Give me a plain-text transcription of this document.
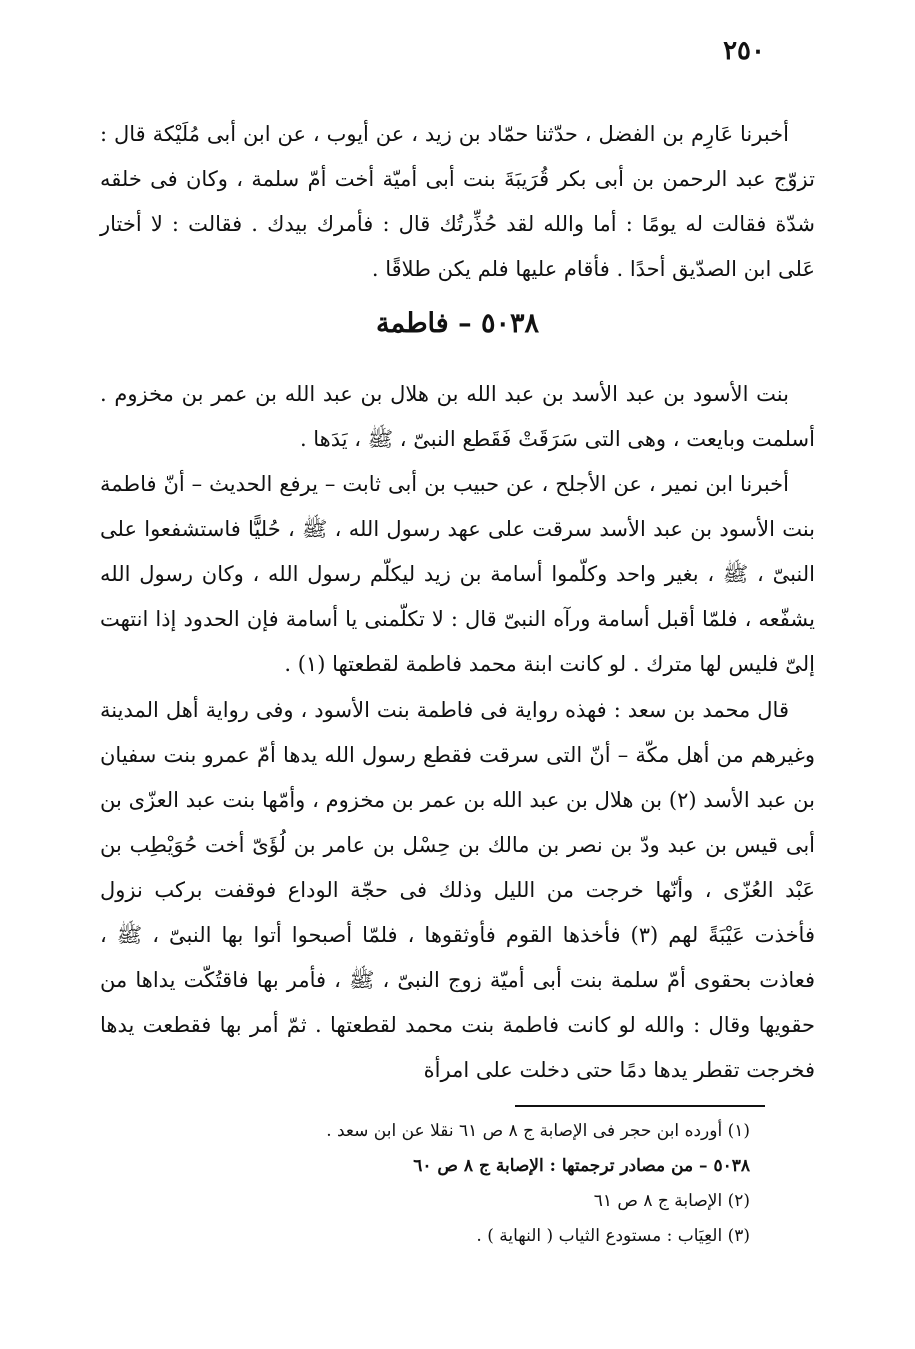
٢٥٠
أخبرنا عَارِم بن الفضل ، حدّثنا حمّاد بن زيد ، عن أيوب ، عن ابن أبى مُلَيْكة قال : تزوّج عبد الرحمن بن أبى بكر قُرَيبَةَ بنت أبى أميّة أخت أمّ سلمة ، وكان فى خلقه شدّة فقالت له يومًا : أما والله لقد حُذِّرتُك قال : فأمرك بيدك . فقالت : لا أختار عَلى ابن الصدّيق أحدًا . فأقام عليها فلم يكن طلاقًا .
٥٠٣٨ – فاطمة
بنت الأسود بن عبد الأسد بن عبد الله بن هلال بن عبد الله بن عمر بن مخزوم . أسلمت وبايعت ، وهى التى سَرَقَتْ فَقَطع النبىّ ، ﷺ ، يَدَها .
أخبرنا ابن نمير ، عن الأجلح ، عن حبيب بن أبى ثابت – يرفع الحديث – أنّ فاطمة بنت الأسود بن عبد الأسد سرقت على عهد رسول الله ، ﷺ ، حُليًّا فاستشفعوا على النبىّ ، ﷺ ، بغير واحد وكلّموا أسامة بن زيد ليكلّم رسول الله ، وكان رسول الله يشفّعه ، فلمّا أقبل أسامة ورآه النبىّ قال : لا تكلّمنى يا أسامة فإن الحدود إذا انتهت إلىّ فليس لها مترك . لو كانت ابنة محمد فاطمة لقطعتها (١) .
قال محمد بن سعد : فهذه رواية فى فاطمة بنت الأسود ، وفى رواية أهل المدينة وغيرهم من أهل مكّة – أنّ التى سرقت فقطع رسول الله يدها أمّ عمرو بنت سفيان بن عبد الأسد (٢) بن هلال بن عبد الله بن عمر بن مخزوم ، وأمّها بنت عبد العزّى بن أبى قيس بن عبد ودّ بن نصر بن مالك بن حِسْل بن عامر بن لُؤَىّ أخت حُوَيْطِب بن عَبْد العُزّى ، وأنّها خرجت من الليل وذلك فى حجّة الوداع فوقفت بركب نزول فأخذت عَيْبَةً لهم (٣) فأخذها القوم فأوثقوها ، فلمّا أصبحوا أتوا بها النبىّ ، ﷺ ، فعاذت بحقوى أمّ سلمة بنت أبى أميّة زوج النبىّ ، ﷺ ، فأمر بها فاقتُكّت يداها من حقويها وقال : والله لو كانت فاطمة بنت محمد لقطعتها . ثمّ أمر بها فقطعت يدها فخرجت تقطر يدها دمًا حتى دخلت على امرأة
(١) أورده ابن حجر فى الإصابة ج ٨ ص ٦١ نقلا عن ابن سعد .
٥٠٣٨ – من مصادر ترجمتها : الإصابة ج ٨ ص ٦٠
(٢) الإصابة ج ٨ ص ٦١
(٣) العِيَاب : مستودع الثياب ( النهاية ) .
